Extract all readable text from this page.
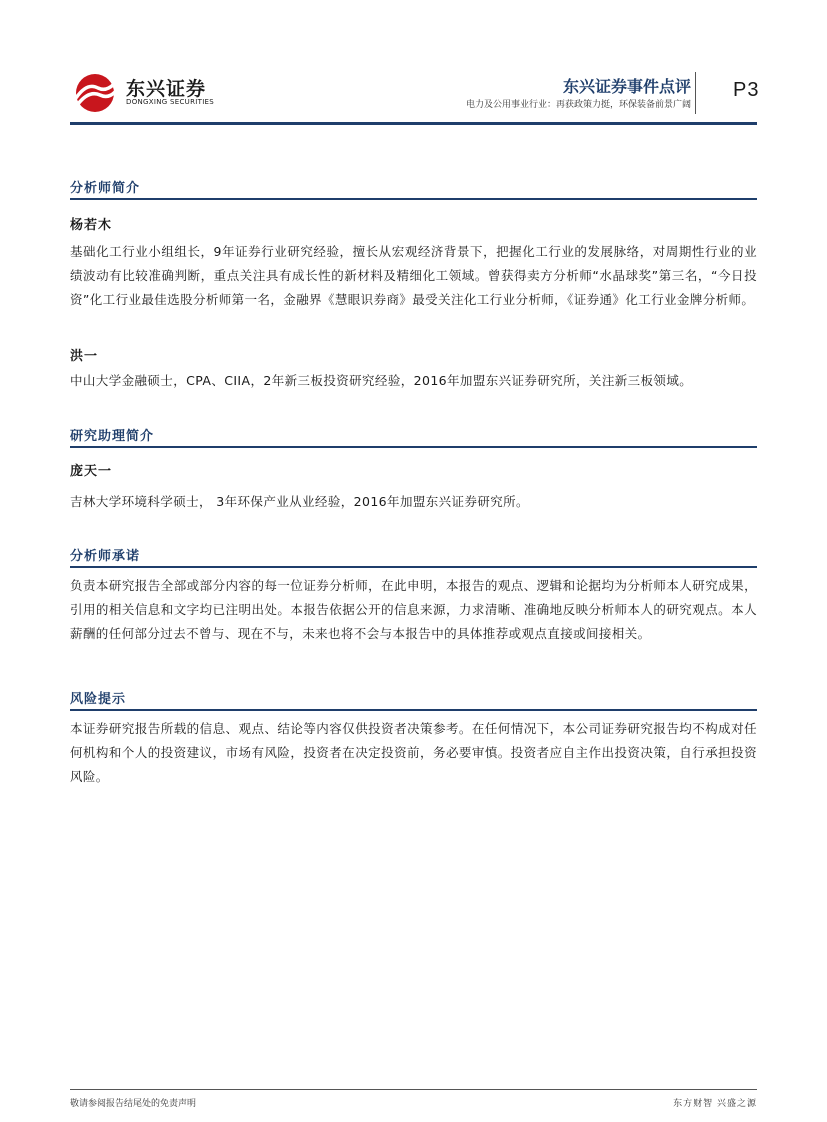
东兴证券
DONGXING SECURITIES
东兴证券事件点评
电力及公用事业行业：再获政策力挺，环保装备前景广阔
P3
分析师简介
杨若木
基础化工行业小组组长，9年证券行业研究经验，擅长从宏观经济背景下，把握化工行业的发展脉络，对周期性行业的业绩波动有比较准确判断，重点关注具有成长性的新材料及精细化工领域。曾获得卖方分析师“水晶球奖”第三名，“今日投资”化工行业最佳选股分析师第一名，金融界《慧眼识券商》最受关注化工行业分析师，《证券通》化工行业金牌分析师。
洪一
中山大学金融硕士，CPA、CIIA，2年新三板投资研究经验，2016年加盟东兴证券研究所，关注新三板领域。
研究助理简介
庞天一
吉林大学环境科学硕士， 3年环保产业从业经验，2016年加盟东兴证券研究所。
分析师承诺
负责本研究报告全部或部分内容的每一位证券分析师，在此申明，本报告的观点、逻辑和论据均为分析师本人研究成果，引用的相关信息和文字均已注明出处。本报告依据公开的信息来源，力求清晰、准确地反映分析师本人的研究观点。本人薪酬的任何部分过去不曾与、现在不与，未来也将不会与本报告中的具体推荐或观点直接或间接相关。
风险提示
本证券研究报告所载的信息、观点、结论等内容仅供投资者决策参考。在任何情况下，本公司证券研究报告均不构成对任何机构和个人的投资建议，市场有风险，投资者在决定投资前，务必要审慎。投资者应自主作出投资决策，自行承担投资风险。
敬请参阅报告结尾处的免责声明	东方财智 兴盛之源
